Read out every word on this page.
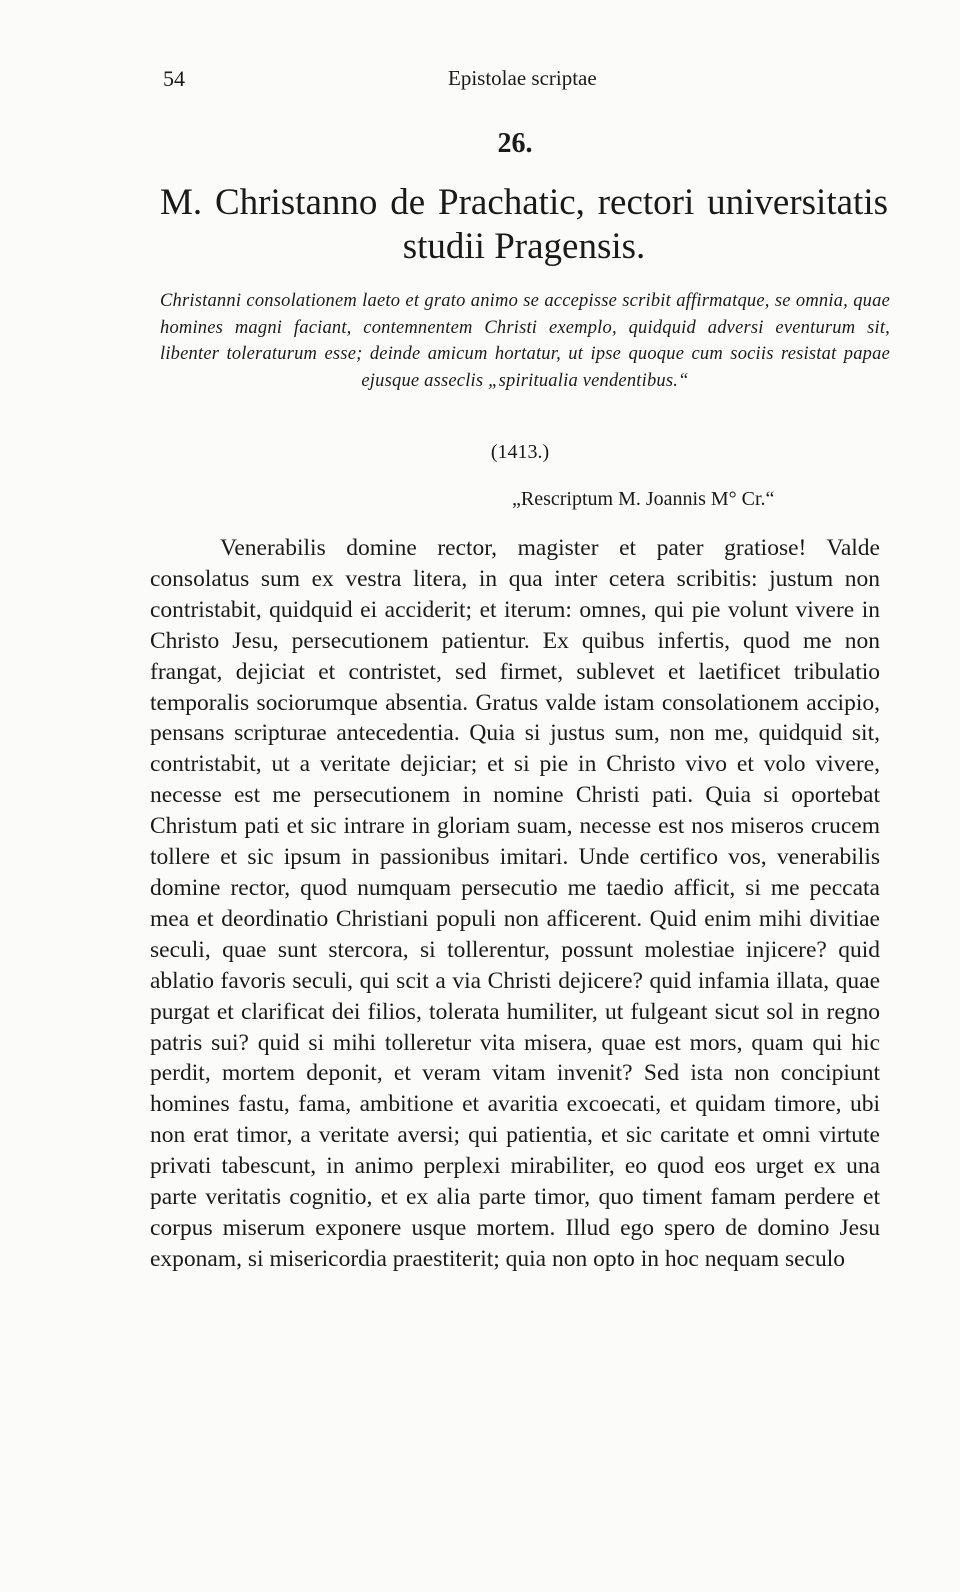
54	Epistolae scriptae
26.
M. Christanno de Prachatic, rectori universitatis
studii Pragensis.
Christanni consolationem laeto et grato animo se accepisse scribit affirmatque, se omnia, quae homines magni faciant, contemnentem Christi exemplo, quidquid adversi eventurum sit, libenter toleraturum esse; deinde amicum hortatur, ut ipse quoque cum sociis resistat papae ejusque asseclis „spiritualia vendentibus.“
(1413.)
„Rescriptum M. Joannis M° Cr.“
Venerabilis domine rector, magister et pater gratiose! Valde consolatus sum ex vestra litera, in qua inter cetera scribitis: justum non contristabit, quidquid ei acciderit; et iterum: omnes, qui pie volunt vivere in Christo Jesu, persecutionem patientur. Ex quibus infertis, quod me non frangat, dejiciat et contristet, sed firmet, sublevet et laetificet tribulatio temporalis sociorumque absentia. Gratus valde istam consolationem accipio, pensans scripturae antecedentia. Quia si justus sum, non me, quidquid sit, contristabit, ut a veritate dejiciar; et si pie in Christo vivo et volo vivere, necesse est me persecutionem in nomine Christi pati. Quia si oportebat Christum pati et sic intrare in gloriam suam, necesse est nos miseros crucem tollere et sic ipsum in passionibus imitari. Unde certifico vos, venerabilis domine rector, quod numquam persecutio me taedio afficit, si me peccata mea et deordinatio Christiani populi non afficerent. Quid enim mihi divitiae seculi, quae sunt stercora, si tollerentur, possunt molestiae injicere? quid ablatio favoris seculi, qui scit a via Christi dejicere? quid infamia illata, quae purgat et clarificat dei filios, tolerata humiliter, ut fulgeant sicut sol in regno patris sui? quid si mihi tolleretur vita misera, quae est mors, quam qui hic perdit, mortem deponit, et veram vitam invenit? Sed ista non concipiunt homines fastu, fama, ambitione et avaritia excoecati, et quidam timore, ubi non erat timor, a veritate aversi; qui patientia, et sic caritate et omni virtute privati tabescunt, in animo perplexi mirabiliter, eo quod eos urget ex una parte veritatis cognitio, et ex alia parte timor, quo timent famam perdere et corpus miserum exponere usque mortem. Illud ego spero de domino Jesu exponam, si misericordia praestiterit; quia non opto in hoc nequam seculo
